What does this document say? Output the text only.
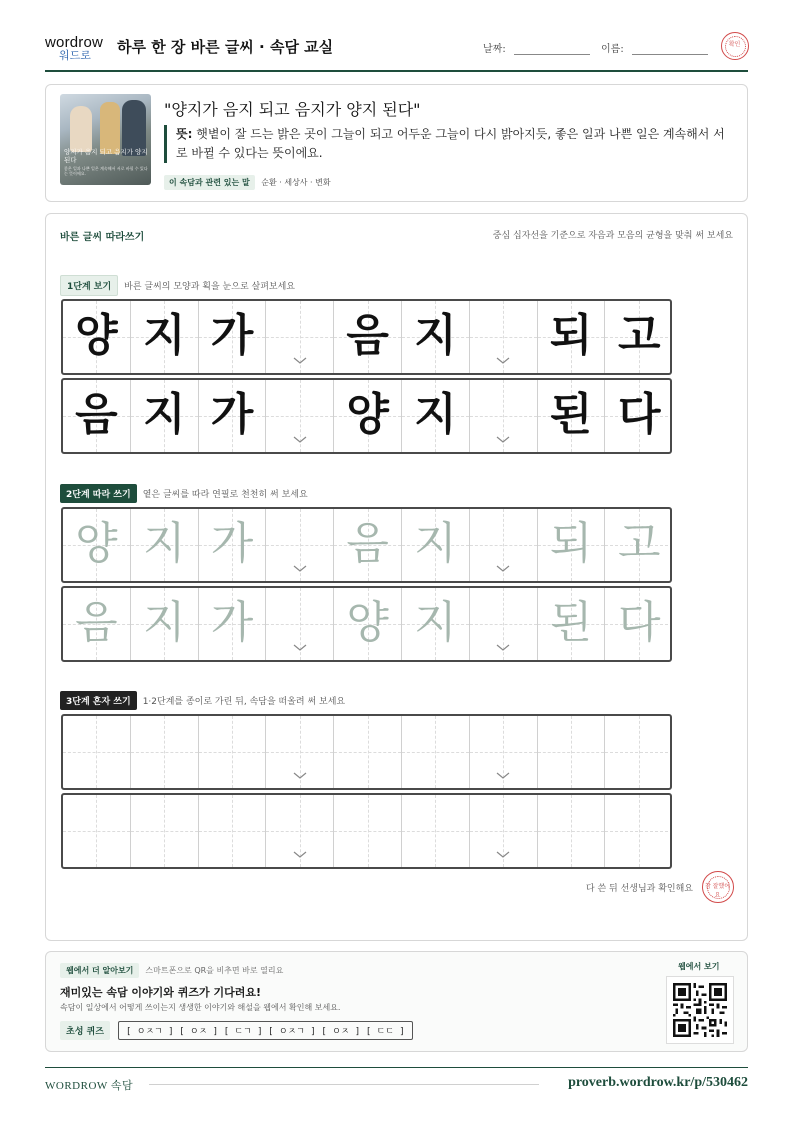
wordrow
워드로 하루 한 장 바른 글씨 · 속담 교실	날짜:	이름:	확인
양지가 음지 되고 음지가 양지 된다
좋은 일과 나쁜 일은 계속해서 서로 바뀔 수 있다는 뜻이에요.
"양지가 음지 되고 음지가 양지 된다"
뜻: 햇볕이 잘 드는 밝은 곳이 그늘이 되고 어두운 그늘이 다시 밝아지듯, 좋은 일과 나쁜 일은 계속해서 서로 바뀔 수 있다는 뜻이에요.
이 속담과 관련 있는 말 순환 · 세상사 · 변화
바른 글씨 따라쓰기	중심 십자선을 기준으로 자음과 모음의 균형을 맞춰 써 보세요
1단계 보기 바른 글씨의 모양과 획을 눈으로 살펴보세요
양 지 가 음 지 되 고
음 지 가 양 지 된 다
2단계 따라 쓰기 옅은 글씨를 따라 연필로 천천히 써 보세요
양 지 가 음 지 되 고
음 지 가 양 지 된 다
3단계 혼자 쓰기 1·2단계를 종이로 가린 뒤, 속담을 떠올려 써 보세요
다 쓴 뒤 선생님과 확인해요	참 잘했어요
웹에서 더 알아보기 스마트폰으로 QR을 비추면 바로 열리요
재미있는 속담 이야기와 퀴즈가 기다려요!
속담이 일상에서 어떻게 쓰이는지 생생한 이야기와 해설을 웹에서 확인해 보세요.
초성 퀴즈 [ ㅇㅈㄱ ] [ ㅇㅈ ] [ ㄷㄱ ] [ ㅇㅈㄱ ] [ ㅇㅈ ] [ ㄷㄷ ]
웹에서 보기
WORDROW 속담	proverb.wordrow.kr/p/530462
